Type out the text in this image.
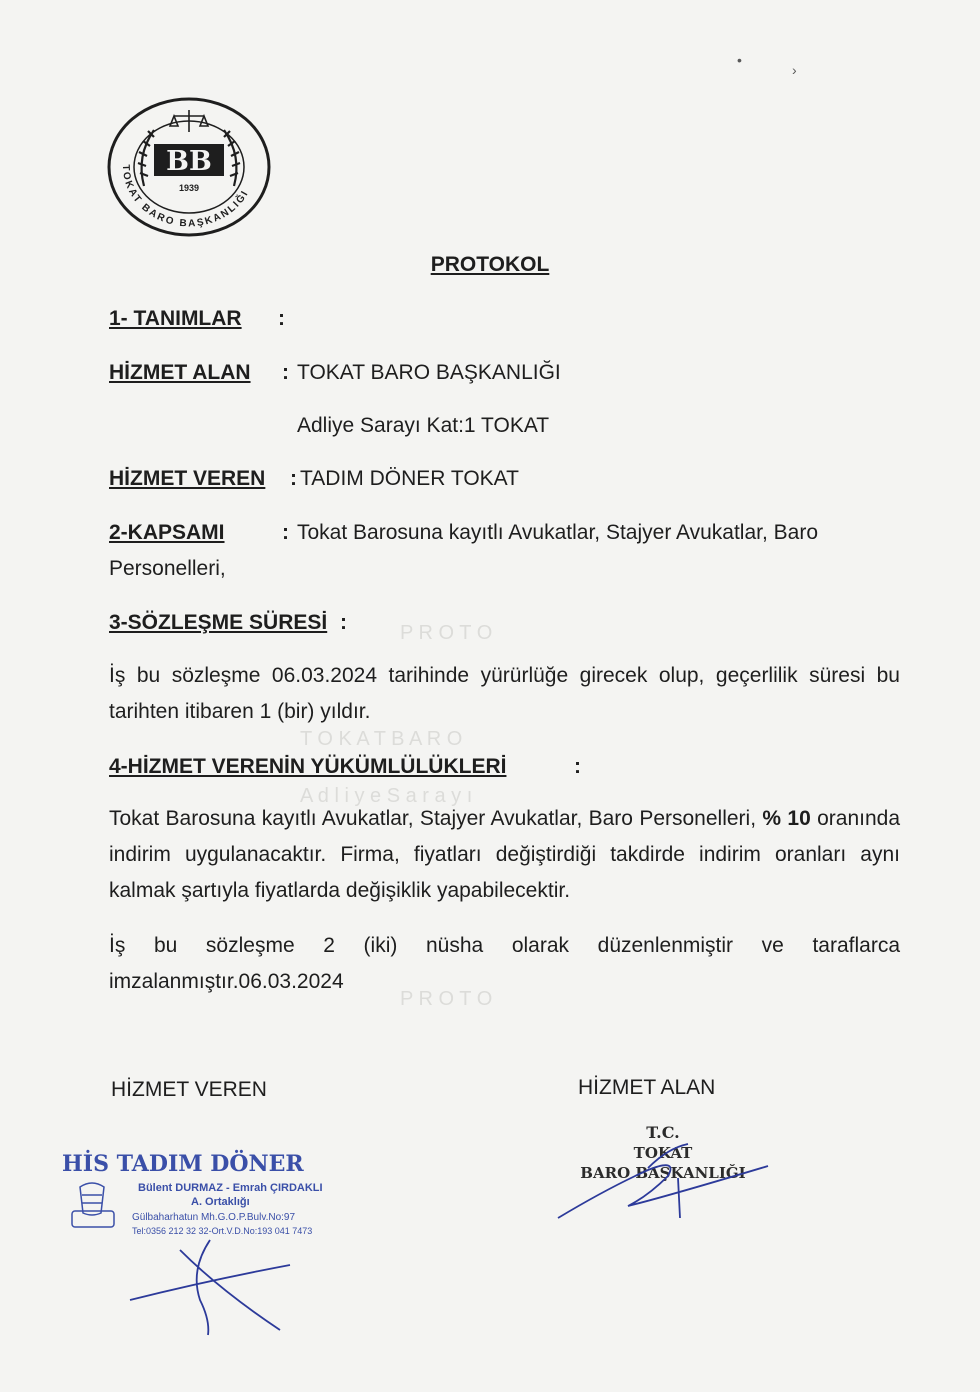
P R O T O
T O K A T B A R O
A d l i y e S a r a y ı
P R O T O
BB
1939
TOKAT BARO BAŞKANLIĞI
PROTOKOL
1- TANIMLAR :
HİZMET ALAN : TOKAT BARO BAŞKANLIĞI
Adliye Sarayı Kat:1 TOKAT
HİZMET VEREN : TADIM DÖNER TOKAT
2-KAPSAMI	: Tokat Barosuna kayıtlı Avukatlar, Stajyer Avukatlar, Baro
Personelleri,
3-SÖZLEŞME SÜRESİ :
İş bu sözleşme 06.03.2024 tarihinde yürürlüğe girecek olup, geçerlilik süresi bu tarihten itibaren 1 (bir) yıldır.
4-HİZMET VERENİN YÜKÜMLÜLÜKLERİ	:
Tokat Barosuna kayıtlı Avukatlar, Stajyer Avukatlar, Baro Personelleri, % 10 oranında indirim uygulanacaktır. Firma, fiyatları değiştirdiği takdirde indirim oranları aynı kalmak şartıyla fiyatlarda değişiklik yapabilecektir.
İş bu sözleşme 2 (iki) nüsha olarak düzenlenmiştir ve taraflarca imzalanmıştır.06.03.2024
HİZMET VEREN	HİZMET ALAN
HİS TADIM DÖNER
Bülent DURMAZ - Emrah ÇIRDAKLI
A. Ortaklığı
Gülbaharhatun Mh.G.O.P.Bulv.No:97
Tel:0356 212 32 32-Ort.V.D.No:193 041 7473
T.C.
TOKAT
BARO BAŞKANLIĞI
•
›
